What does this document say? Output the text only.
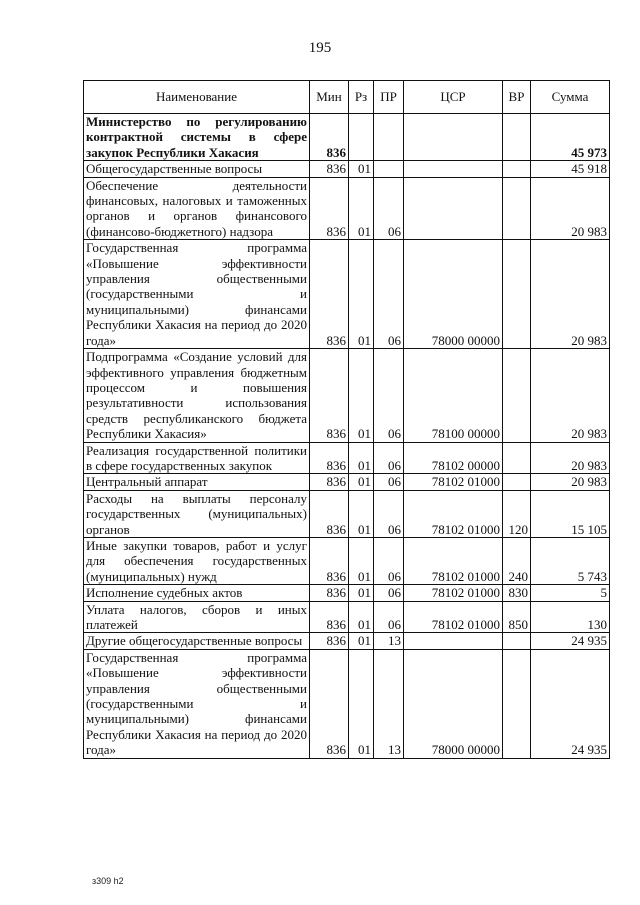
195
Наименование	Мин	Рз	ПР	ЦСР	ВР	Сумма
Министерство по регулированию контрактной системы в сфере закупок Республики Хакасия	836					45 973
Общегосударственные вопросы	836	01				45 918
Обеспечение деятельности финансовых, налоговых и таможенных органов и органов финансового (финансово-бюджетного) надзора	836	01	06			20 983
Государственная программа «Повышение эффективности управления общественными (государственными и муниципальными) финансами Республики Хакасия на период до 2020 года»	836	01	06	78000 00000		20 983
Подпрограмма «Создание условий для эффективного управления бюджетным процессом и повышения результативности использования средств республиканского бюджета Республики Хакасия»	836	01	06	78100 00000		20 983
Реализация государственной политики в сфере государственных закупок	836	01	06	78102 00000		20 983
Центральный аппарат	836	01	06	78102 01000		20 983
Расходы на выплаты персоналу государственных (муниципальных) органов	836	01	06	78102 01000	120	15 105
Иные закупки товаров, работ и услуг для обеспечения государственных (муниципальных) нужд	836	01	06	78102 01000	240	5 743
Исполнение судебных актов	836	01	06	78102 01000	830	5
Уплата налогов, сборов и иных платежей	836	01	06	78102 01000	850	130
Другие общегосударственные вопросы	836	01	13			24 935
Государственная программа «Повышение эффективности управления общественными (государственными и муниципальными) финансами Республики Хакасия на период до 2020 года»	836	01	13	78000 00000		24 935
з309 h2
